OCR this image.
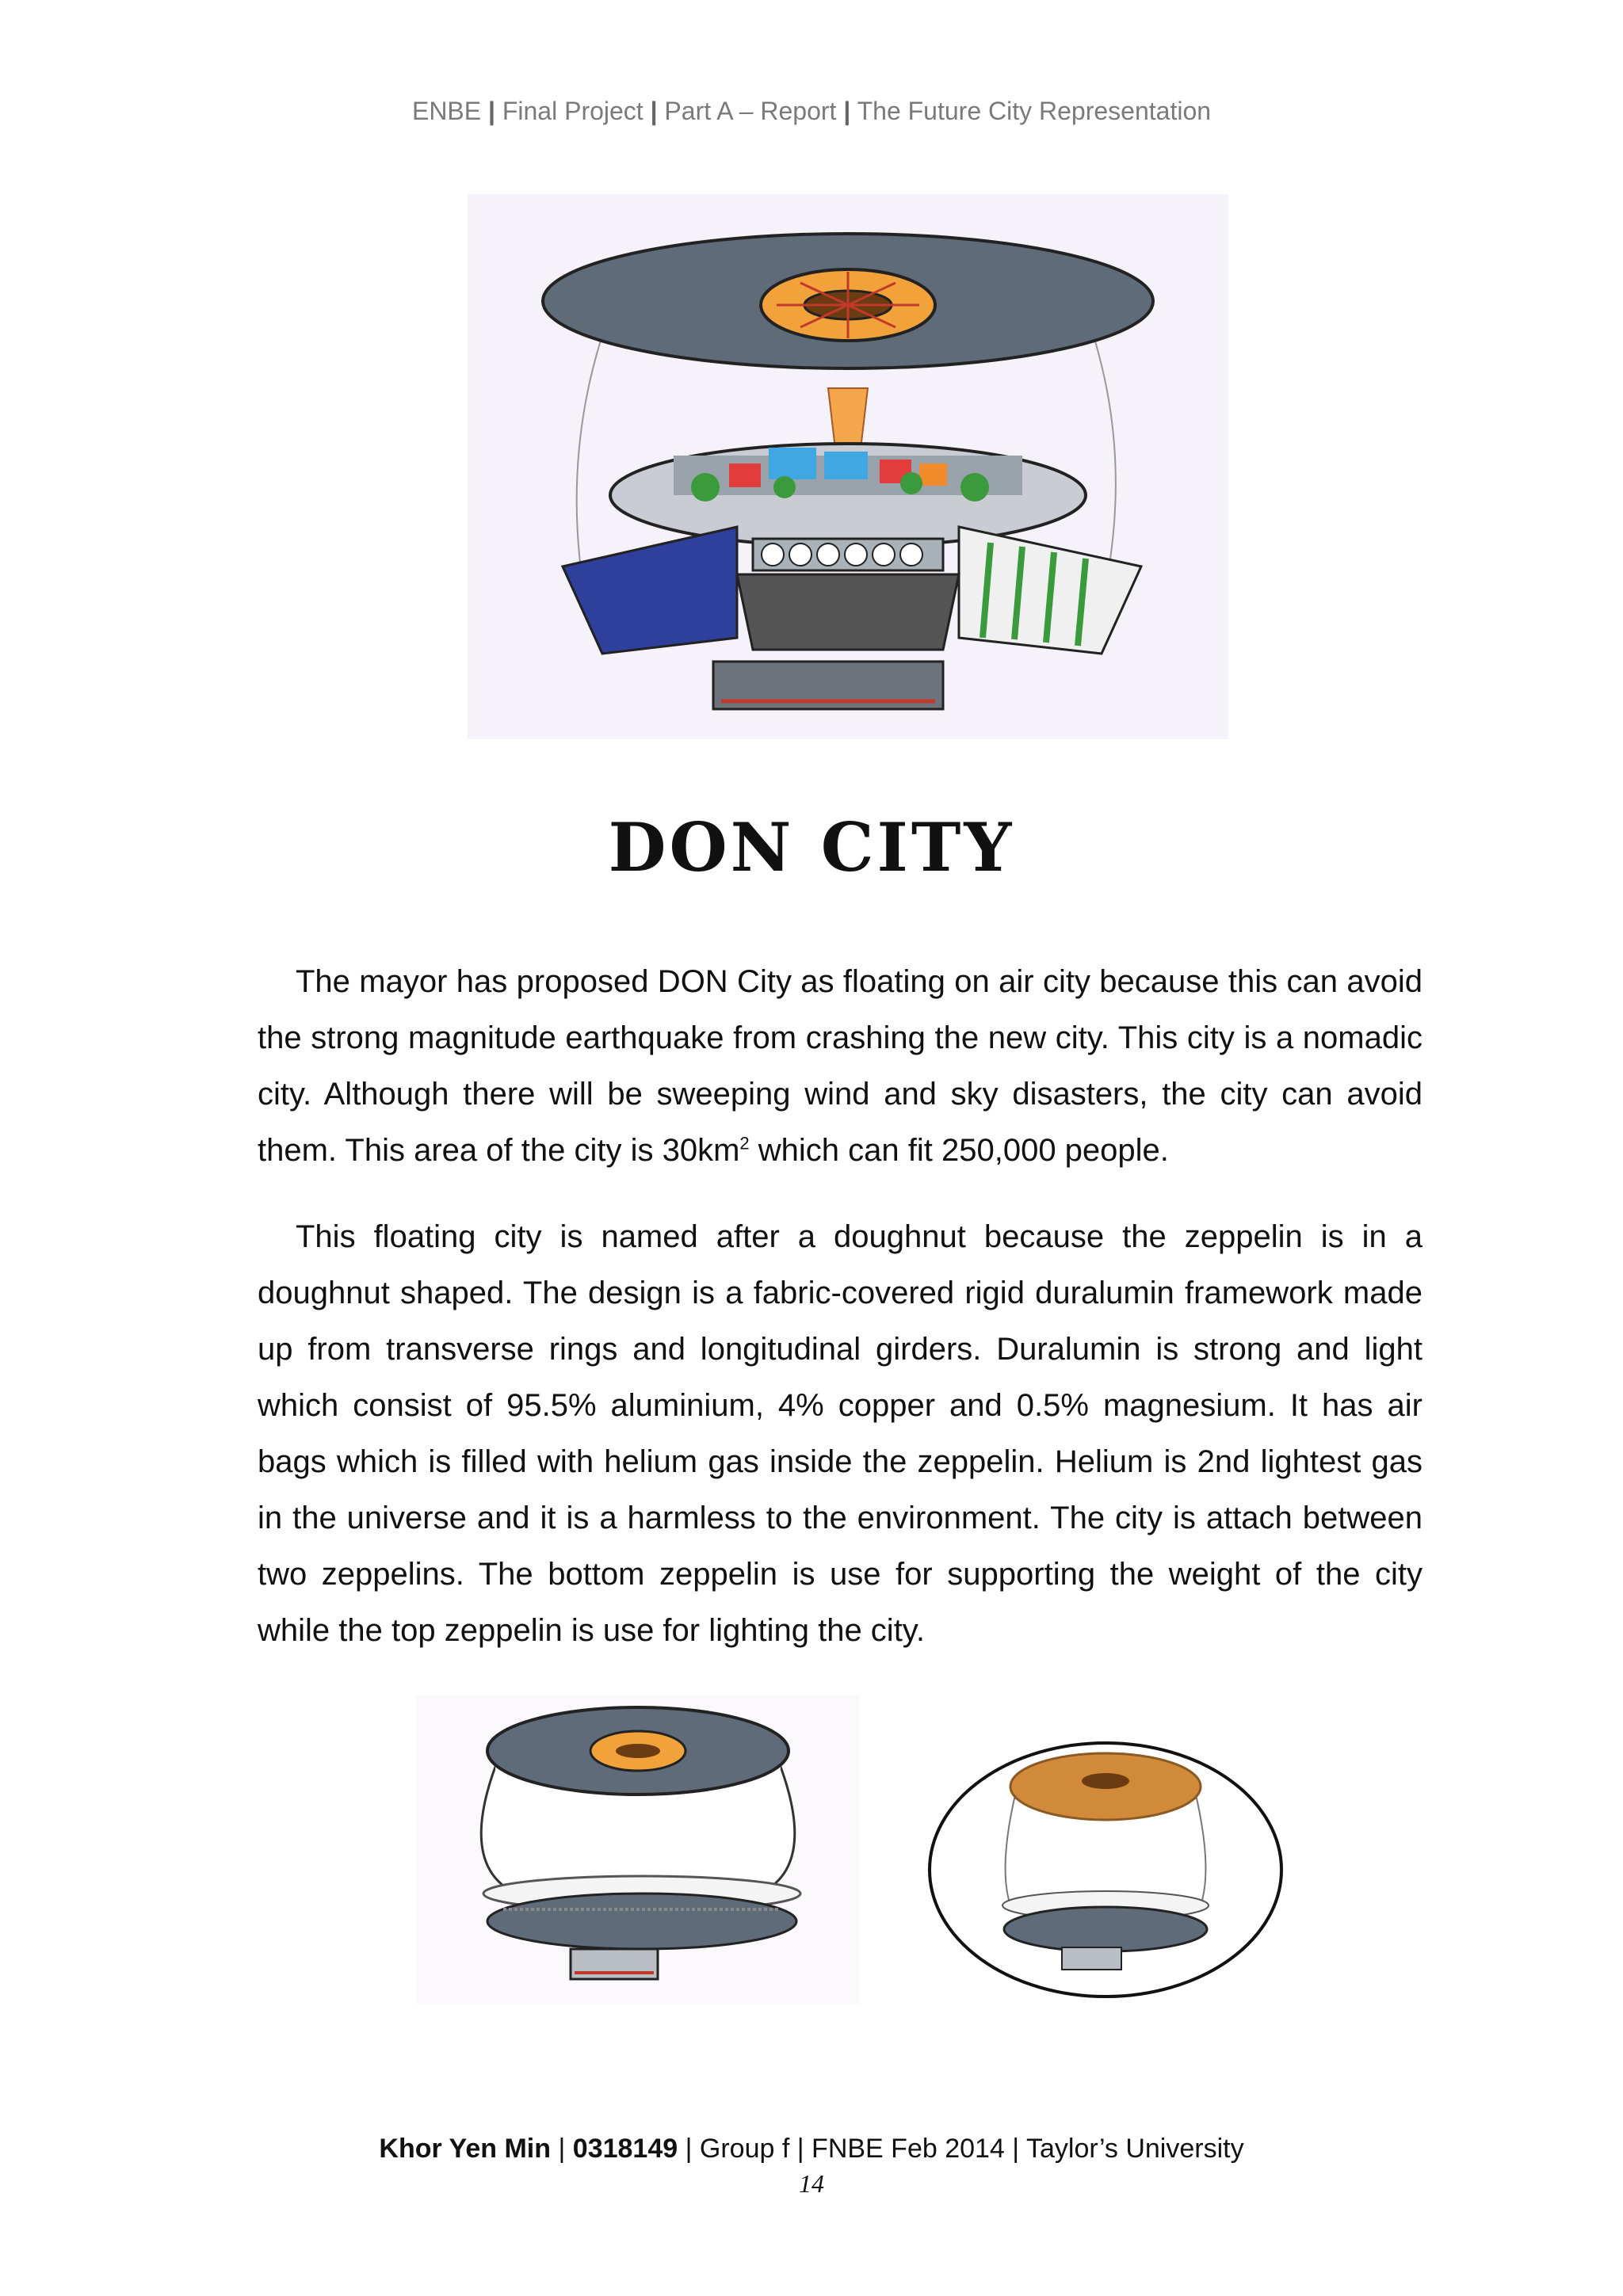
ENBE | Final Project | Part A – Report | The Future City Representation
DON CITY

The mayor has proposed DON City as floating on air city because this can avoid the strong magnitude earthquake from crashing the new city. This city is a nomadic city. Although there will be sweeping wind and sky disasters, the city can avoid them. This area of the city is $30km^2$ which can fit 250,000 people.

This floating city is named after a doughnut because the zeppelin is in a doughnut shaped. The design is a fabric-covered rigid duralumin framework made up from transverse rings and longitudinal girders. Duralumin is strong and light which consist of 95.5% aluminium, 4% copper and 0.5% magnesium. It has air bags which is filled with helium gas inside the zeppelin. Helium is 2nd lightest gas in the universe and it is a harmless to the environment. The city is attach between two zeppelins. The bottom zeppelin is use for supporting the weight of the city while the top zeppelin is use for lighting the city.

Khor Yen Min | 0318149 | Group f | FNBE Feb 2014 | Taylor’s University
14
